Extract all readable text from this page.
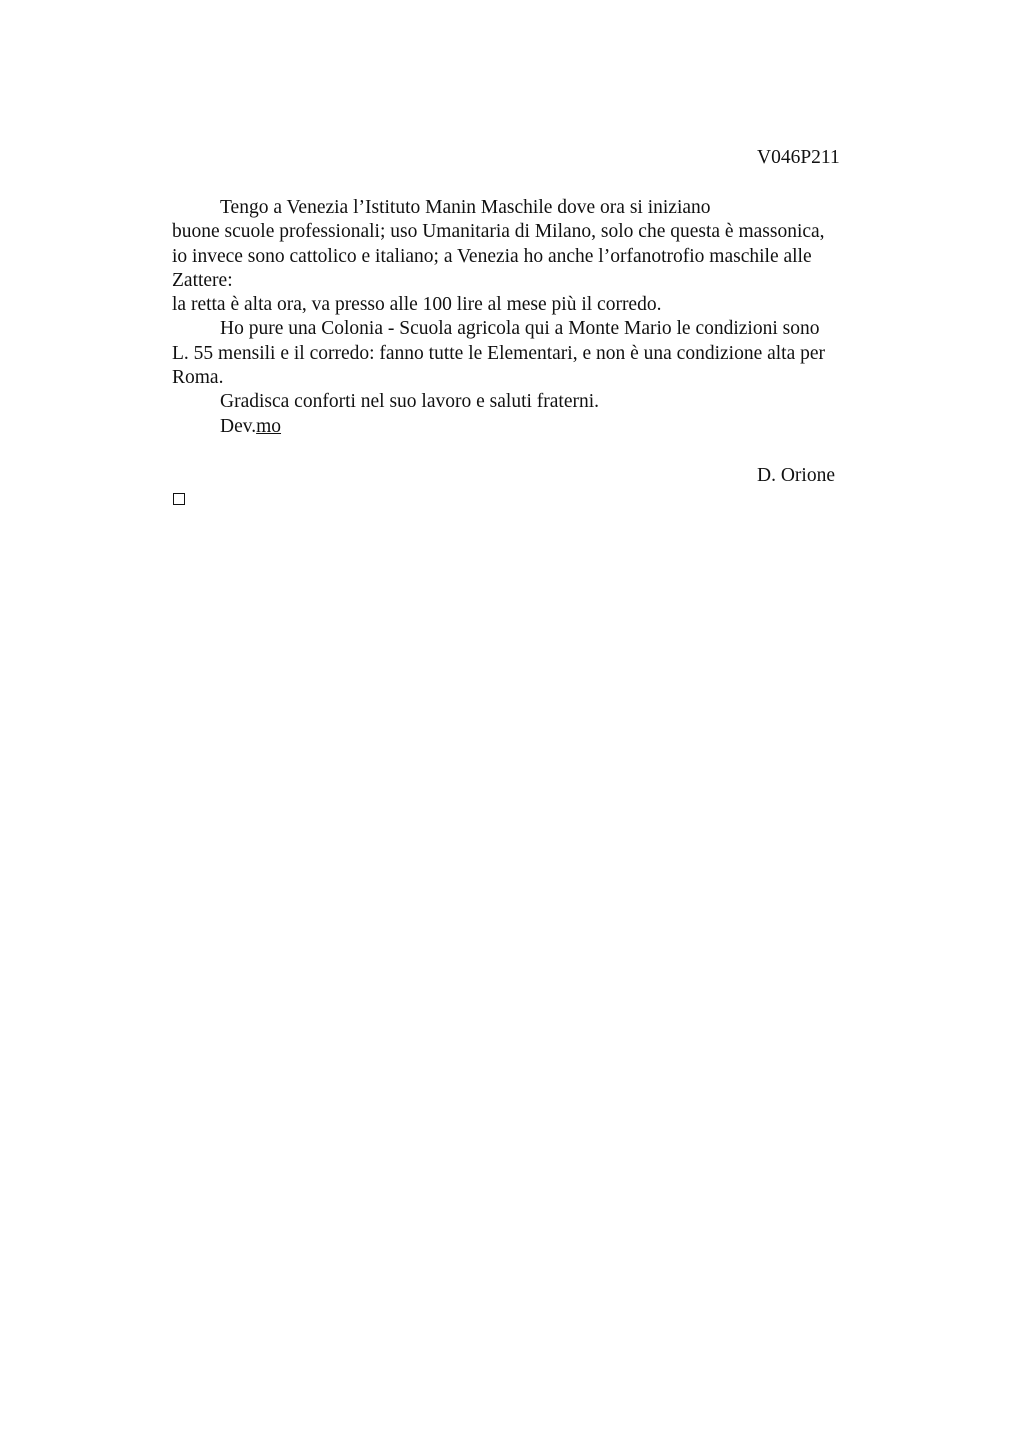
V046P211
Tengo a Venezia l’Istituto Manin Maschile dove ora si iniziano
buone scuole professionali; uso Umanitaria di Milano, solo che questa è massonica,
io invece sono cattolico e italiano; a Venezia ho anche l’orfanotrofio maschile alle
Zattere:
la retta è alta ora, va presso alle 100 lire al mese più il corredo.
Ho pure una Colonia - Scuola agricola qui a Monte Mario le condizioni sono
L. 55 mensili e il corredo: fanno tutte le Elementari, e non è una condizione alta per
Roma.
Gradisca conforti nel suo lavoro e saluti fraterni.
Dev.mo
D. Orione
